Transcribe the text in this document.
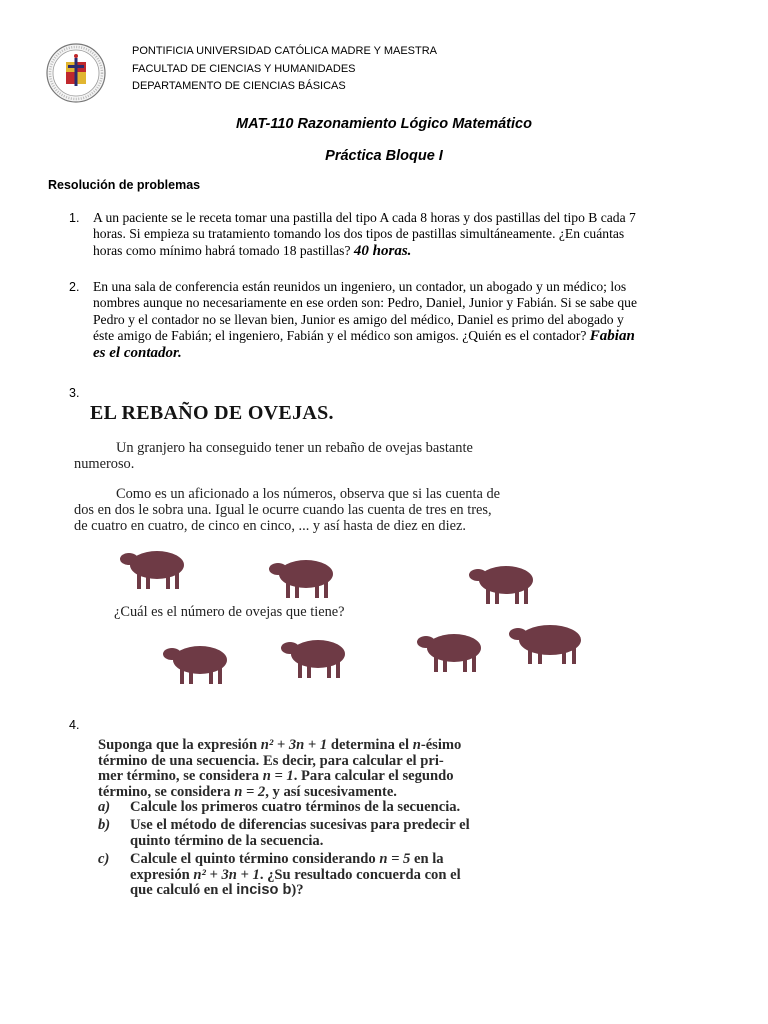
PONTIFICIA UNIVERSIDAD CATÓLICA MADRE Y MAESTRA
FACULTAD DE CIENCIAS Y HUMANIDADES
DEPARTAMENTO DE CIENCIAS BÁSICAS
MAT-110 Razonamiento Lógico Matemático
Práctica Bloque I
Resolución de problemas
1. A un paciente se le receta tomar una pastilla del tipo A cada 8 horas y dos pastillas del tipo B cada 7
horas. Si empieza su tratamiento tomando los dos tipos de pastillas simultáneamente. ¿En cuántas
horas como mínimo habrá tomado 18 pastillas? 40 horas.
2. En una sala de conferencia están reunidos un ingeniero, un contador, un abogado y un médico; los
nombres aunque no necesariamente en ese orden son: Pedro, Daniel, Junior y Fabián. Si se sabe que
Pedro y el contador no se llevan bien, Junior es amigo del médico, Daniel es primo del abogado y
éste amigo de Fabián; el ingeniero, Fabián y el médico son amigos. ¿Quién es el contador? Fabian
es el contador.
3.
EL REBAÑO DE OVEJAS.
Un granjero ha conseguido tener un rebaño de ovejas bastante
numeroso.
Como es un aficionado a los números, observa que si las cuenta de
dos en dos le sobra una. Igual le ocurre cuando las cuenta de tres en tres,
de cuatro en cuatro, de cinco en cinco, ... y así hasta de diez en diez.
¿Cuál es el número de ovejas que tiene?
4.
Suponga que la expresión n² + 3n + 1 determina el n-ésimo
término de una secuencia. Es decir, para calcular el pri-
mer término, se considera n = 1. Para calcular el segundo
término, se considera n = 2, y así sucesivamente.
a) Calcule los primeros cuatro términos de la secuencia.
b) Use el método de diferencias sucesivas para predecir el
quinto término de la secuencia.
c) Calcule el quinto término considerando n = 5 en la
expresión n² + 3n + 1. ¿Su resultado concuerda con el
que calculó en el inciso b)?
